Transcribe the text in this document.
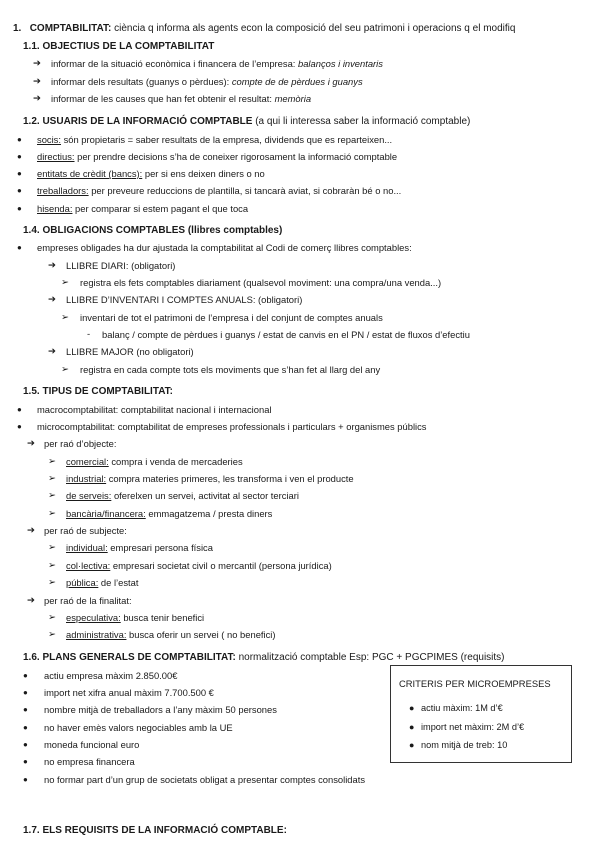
1. COMPTABILITAT: ciència q informa als agents econ la composició del seu patrimoni i operacions q el modifiq
1.1. OBJECTIUS DE LA COMPTABILITAT
➔ informar de la situació econòmica i financera de l’empresa: balanços i inventaris
➔ informar dels resultats (guanys o pèrdues): compte de de pèrdues i guanys
➔ informar de les causes que han fet obtenir el resultat: memòria
1.2. USUARIS DE LA INFORMACIÓ COMPTABLE (a qui li interessa saber la informació comptable)
● socis: són propietaris = saber resultats de la empresa, dividends que es reparteixen...
● directius: per prendre decisions s’ha de coneixer rigorosament la informació comptable
● entitats de crèdit (bancs): per si ens deixen diners o no
● treballadors: per preveure reduccions de plantilla, si tancarà aviat, si cobraràn bé o no...
● hisenda: per comparar si estem pagant el que toca
1.4. OBLIGACIONS COMPTABLES (llibres comptables)
● empreses obligades ha dur ajustada la comptabilitat al Codi de comerç llibres comptables:
➔ LLIBRE DIARI: (obligatori)
➢ registra els fets comptables diariament (qualsevol moviment: una compra/una venda...)
➔ LLIBRE D’INVENTARI I COMPTES ANUALS: (obligatori)
➢ inventari de tot el patrimoni de l’empresa i del conjunt de comptes anuals
- balanç / compte de pèrdues i guanys / estat de canvis en el PN / estat de fluxos d’efectiu
➔ LLIBRE MAJOR (no obligatori)
➢ registra en cada compte tots els moviments que s’han fet al llarg del any
1.5. TIPUS DE COMPTABILITAT:
● macrocomptabilitat: comptabilitat nacional i internacional
● microcomptabilitat: comptabilitat de empreses professionals i particulars + organismes públics
➔ per raó d’objecte:
➢ comercial: compra i venda de mercaderies
➢ industrial: compra materies primeres, les transforma i ven el producte
➢ de serveis: oferelxen un servei, activitat al sector terciari
➢ bancària/financera: emmagatzema / presta diners
➔ per raó de subjecte:
➢ individual: empresari persona física
➢ col·lectiva: empresari societat civil o mercantil (persona jurídica)
➢ pública: de l’estat
➔ per raó de la finalitat:
➢ especulativa: busca tenir benefici
➢ administrativa: busca oferir un servei ( no benefici)
1.6. PLANS GENERALS DE COMPTABILITAT: normalització comptable Esp: PGC + PGCPIMES (requisits)
● actiu empresa màxim 2.850.00€
● import net xifra anual màxim 7.700.500 €
● nombre mitjà de treballadors a l’any màxim 50 persones
● no haver emès valors negociables amb la UE
● moneda funcional euro
● no empresa financera
● no formar part d’un grup de societats obligat a presentar comptes consolidats
CRITERIS PER MICROEMPRESES
● actiu màxim: 1M d’€
● import net màxim: 2M d’€
● nom mitjà de treb: 10
1.7. ELS REQUISITS DE LA INFORMACIÓ COMPTABLE:
